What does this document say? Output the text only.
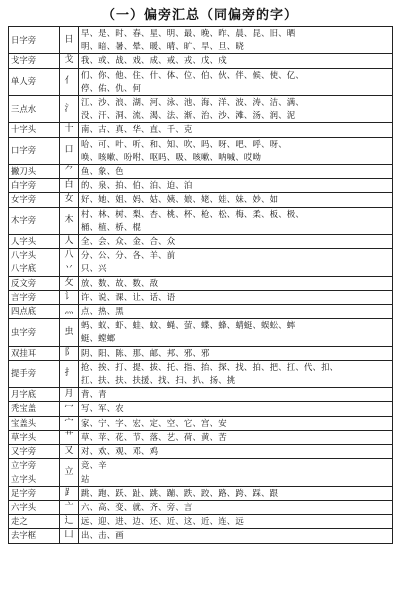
（一）偏旁汇总（同偏旁的字）
日字旁	日	早、是、时、春、星、明、最、晚、昨、晨、昆、旧、晒
明、暗、暑、晕、暖、晴、旷、旱、旦、晓

戈字旁	戈	我、或、战、戏、成、戒、戎、戊、戍

单人旁	亻	们、你、他、住、什、体、位、伯、伙、伴、候、使、亿、
停、佑、仇、何

三点水	氵	江、沙、浪、湖、河、泳、池、海、洋、波、涛、洁、满、
没、汗、洞、流、渴、法、渐、治、沙、滩、汤、润、泥

十字头	十	南、古、真、华、直、千、克

口字旁	口	哈、可、叶、听、和、知、吹、吗、呀、吧、呼、呀、
唤、咳嗽、吩咐、呕吗、吸、咳嗽、呐喊、哎呦

撇刀头	⺈	鱼、象、色

白字旁	白	的、泉、拍、伯、泊、迫、泊

女字旁	女	好、她、姐、妈、姑、姨、娘、姥、娃、妹、妙、如

木字旁	木	村、林、树、梨、杏、桃、杯、枪、松、梅、柔、板、极、
桶、植、桥、棍

人字头	人	全、会、众、金、合、众

八字头
八字底	八 丷	分、公、分、各、羊、前
只、兴

反文旁	攵	放、数、故、数、敌

言字旁	讠	许、说、课、让、话、语

四点底	灬	点、热、黑

虫字旁	虫	蚂、蚁、虾、蛙、蚊、蝇、萤、蝶、蜂、蜻蜓、蜈蚣、蟀
蜓、螳螂

双挂耳	阝	阴、阳、陈、那、邮、邦、邪、邪

提手旁	扌	抢、挨、打、提、拔、托、指、抬、探、找、拍、把、扛、代、扣、
扛、扶、扶、扶援、找、扫、扒、扬、挑

月字底	月	背、青

秃宝盖	冖	写、军、农

宝盖头	宀	家、宁、字、宏、定、空、它、宫、安

草字头	艹	草、苹、花、节、落、艺、荷、黄、苦

又字旁	又	对、欢、观、邓、鸡

立字旁
立字头	立	竞、辛
站

足字旁	⻊	跳、跑、跃、趾、跳、蹦、跌、跤、路、跨、踩、跟

六字头	亠	六、高、变、就、齐、旁、言

走之	辶	远、迎、进、边、还、近、这、近、连、远

去字框	凵	出、击、画
